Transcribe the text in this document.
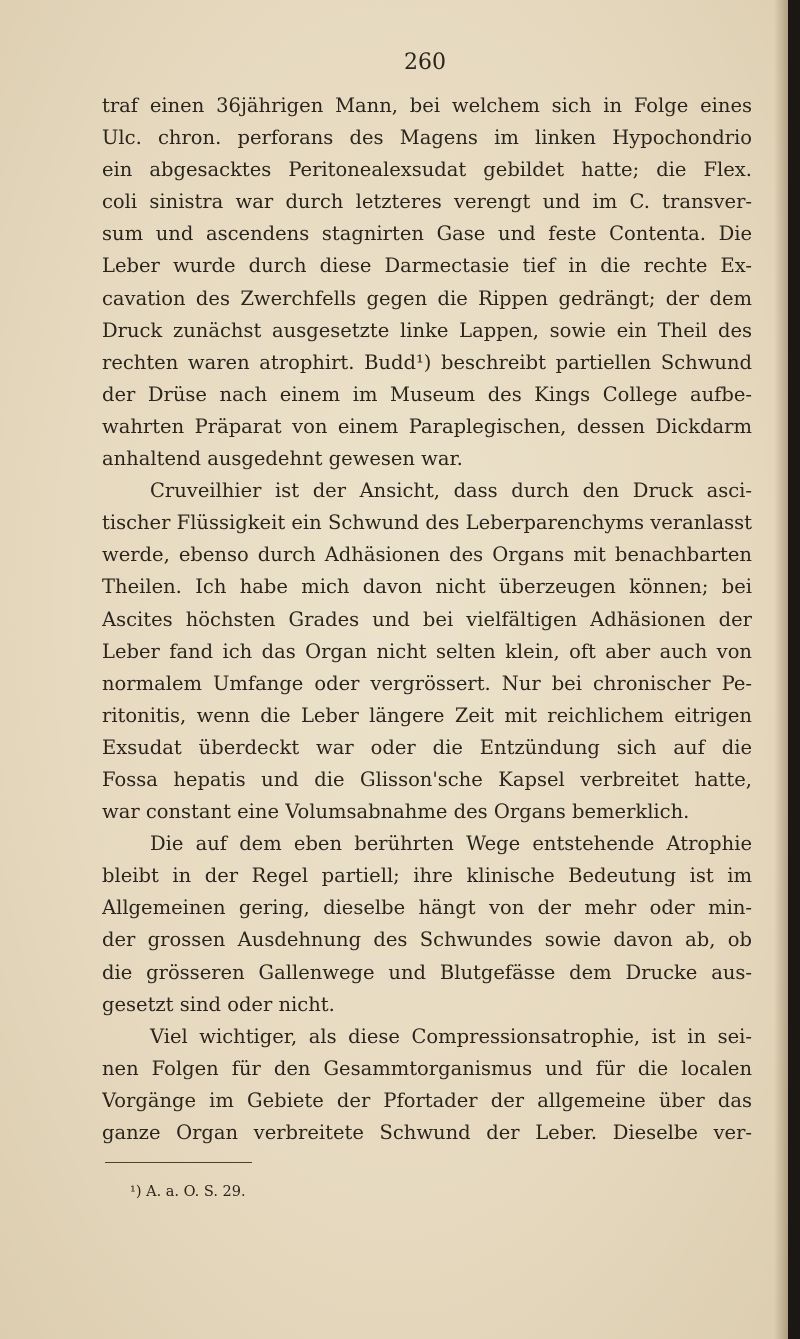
260
traf einen 36jährigen Mann, bei welchem sich in Folge eines
Ulc. chron. perforans des Magens im linken Hypochondrio
ein abgesacktes Peritonealexsudat gebildet hatte; die Flex.
coli sinistra war durch letzteres verengt und im C. transver-
sum und ascendens stagnirten Gase und feste Contenta. Die
Leber wurde durch diese Darmectasie tief in die rechte Ex-
cavation des Zwerchfells gegen die Rippen gedrängt; der dem
Druck zunächst ausgesetzte linke Lappen, sowie ein Theil des
rechten waren atrophirt. Budd¹) beschreibt partiellen Schwund
der Drüse nach einem im Museum des Kings College aufbe-
wahrten Präparat von einem Paraplegischen, dessen Dickdarm
anhaltend ausgedehnt gewesen war.
Cruveilhier ist der Ansicht, dass durch den Druck asci-
tischer Flüssigkeit ein Schwund des Leberparenchyms veranlasst
werde, ebenso durch Adhäsionen des Organs mit benachbarten
Theilen. Ich habe mich davon nicht überzeugen können; bei
Ascites höchsten Grades und bei vielfältigen Adhäsionen der
Leber fand ich das Organ nicht selten klein, oft aber auch von
normalem Umfange oder vergrössert. Nur bei chronischer Pe-
ritonitis, wenn die Leber längere Zeit mit reichlichem eitrigen
Exsudat überdeckt war oder die Entzündung sich auf die
Fossa hepatis und die Glisson'sche Kapsel verbreitet hatte,
war constant eine Volumsabnahme des Organs bemerklich.
Die auf dem eben berührten Wege entstehende Atrophie
bleibt in der Regel partiell; ihre klinische Bedeutung ist im
Allgemeinen gering, dieselbe hängt von der mehr oder min-
der grossen Ausdehnung des Schwundes sowie davon ab, ob
die grösseren Gallenwege und Blutgefässe dem Drucke aus-
gesetzt sind oder nicht.
Viel wichtiger, als diese Compressionsatrophie, ist in sei-
nen Folgen für den Gesammtorganismus und für die localen
Vorgänge im Gebiete der Pfortader der allgemeine über das
ganze Organ verbreitete Schwund der Leber. Dieselbe ver-
¹) A. a. O. S. 29.
